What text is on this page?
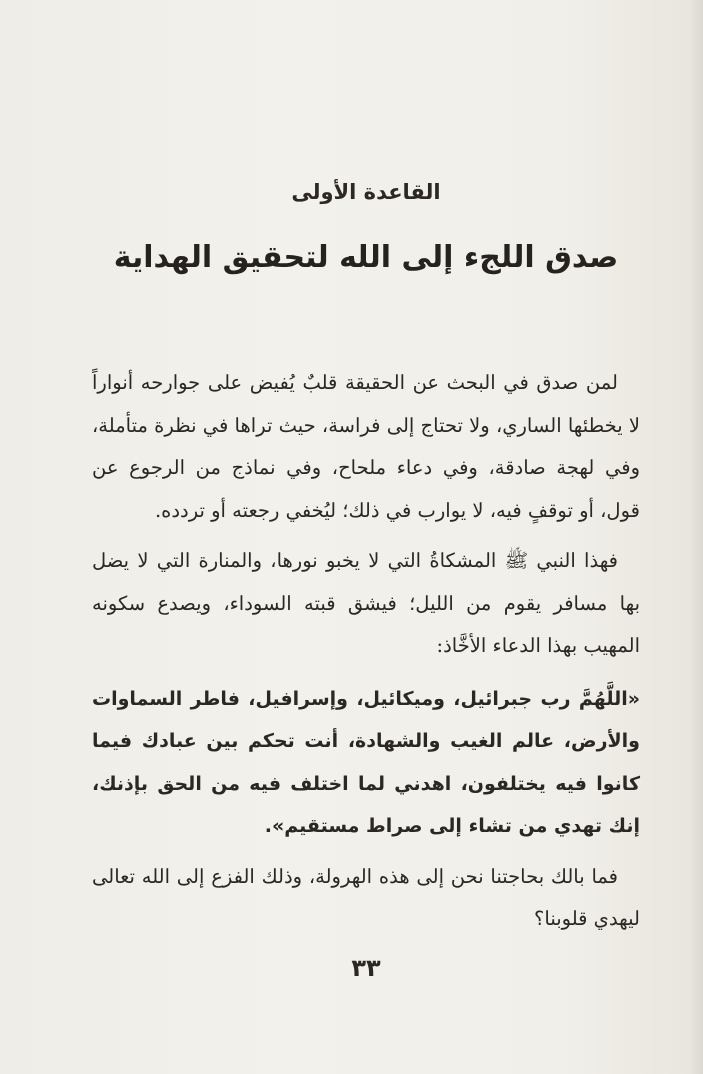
القاعدة الأولى
صدق اللجء إلى الله لتحقيق الهداية

لمن صدق في البحث عن الحقيقة قلبٌ يُفيض على جوارحه أنواراً لا يخطئها الساري، ولا تحتاج إلى فراسة، حيث تراها في نظرة متأملة، وفي لهجة صادقة، وفي دعاء ملحاح، وفي نماذج من الرجوع عن قول، أو توقفٍ فيه، لا يوارب في ذلك؛ ليُخفي رجعته أو تردده.

فهذا النبي ﷺ المشكاةُ التي لا يخبو نورها، والمنارة التي لا يضل بها مسافر يقوم من الليل؛ فيشق قبته السوداء، ويصدع سكونه المهيب بهذا الدعاء الأخَّاذ:

«اللَّهُمَّ رب جبرائيل، وميكائيل، وإسرافيل، فاطر السماوات والأرض، عالم الغيب والشهادة، أنت تحكم بين عبادك فيما كانوا فيه يختلفون، اهدني لما اختلف فيه من الحق بإذنك، إنك تهدي من تشاء إلى صراط مستقيم».

فما بالك بحاجتنا نحن إلى هذه الهرولة، وذلك الفزع إلى الله تعالى ليهدي قلوبنا؟

٣٣
